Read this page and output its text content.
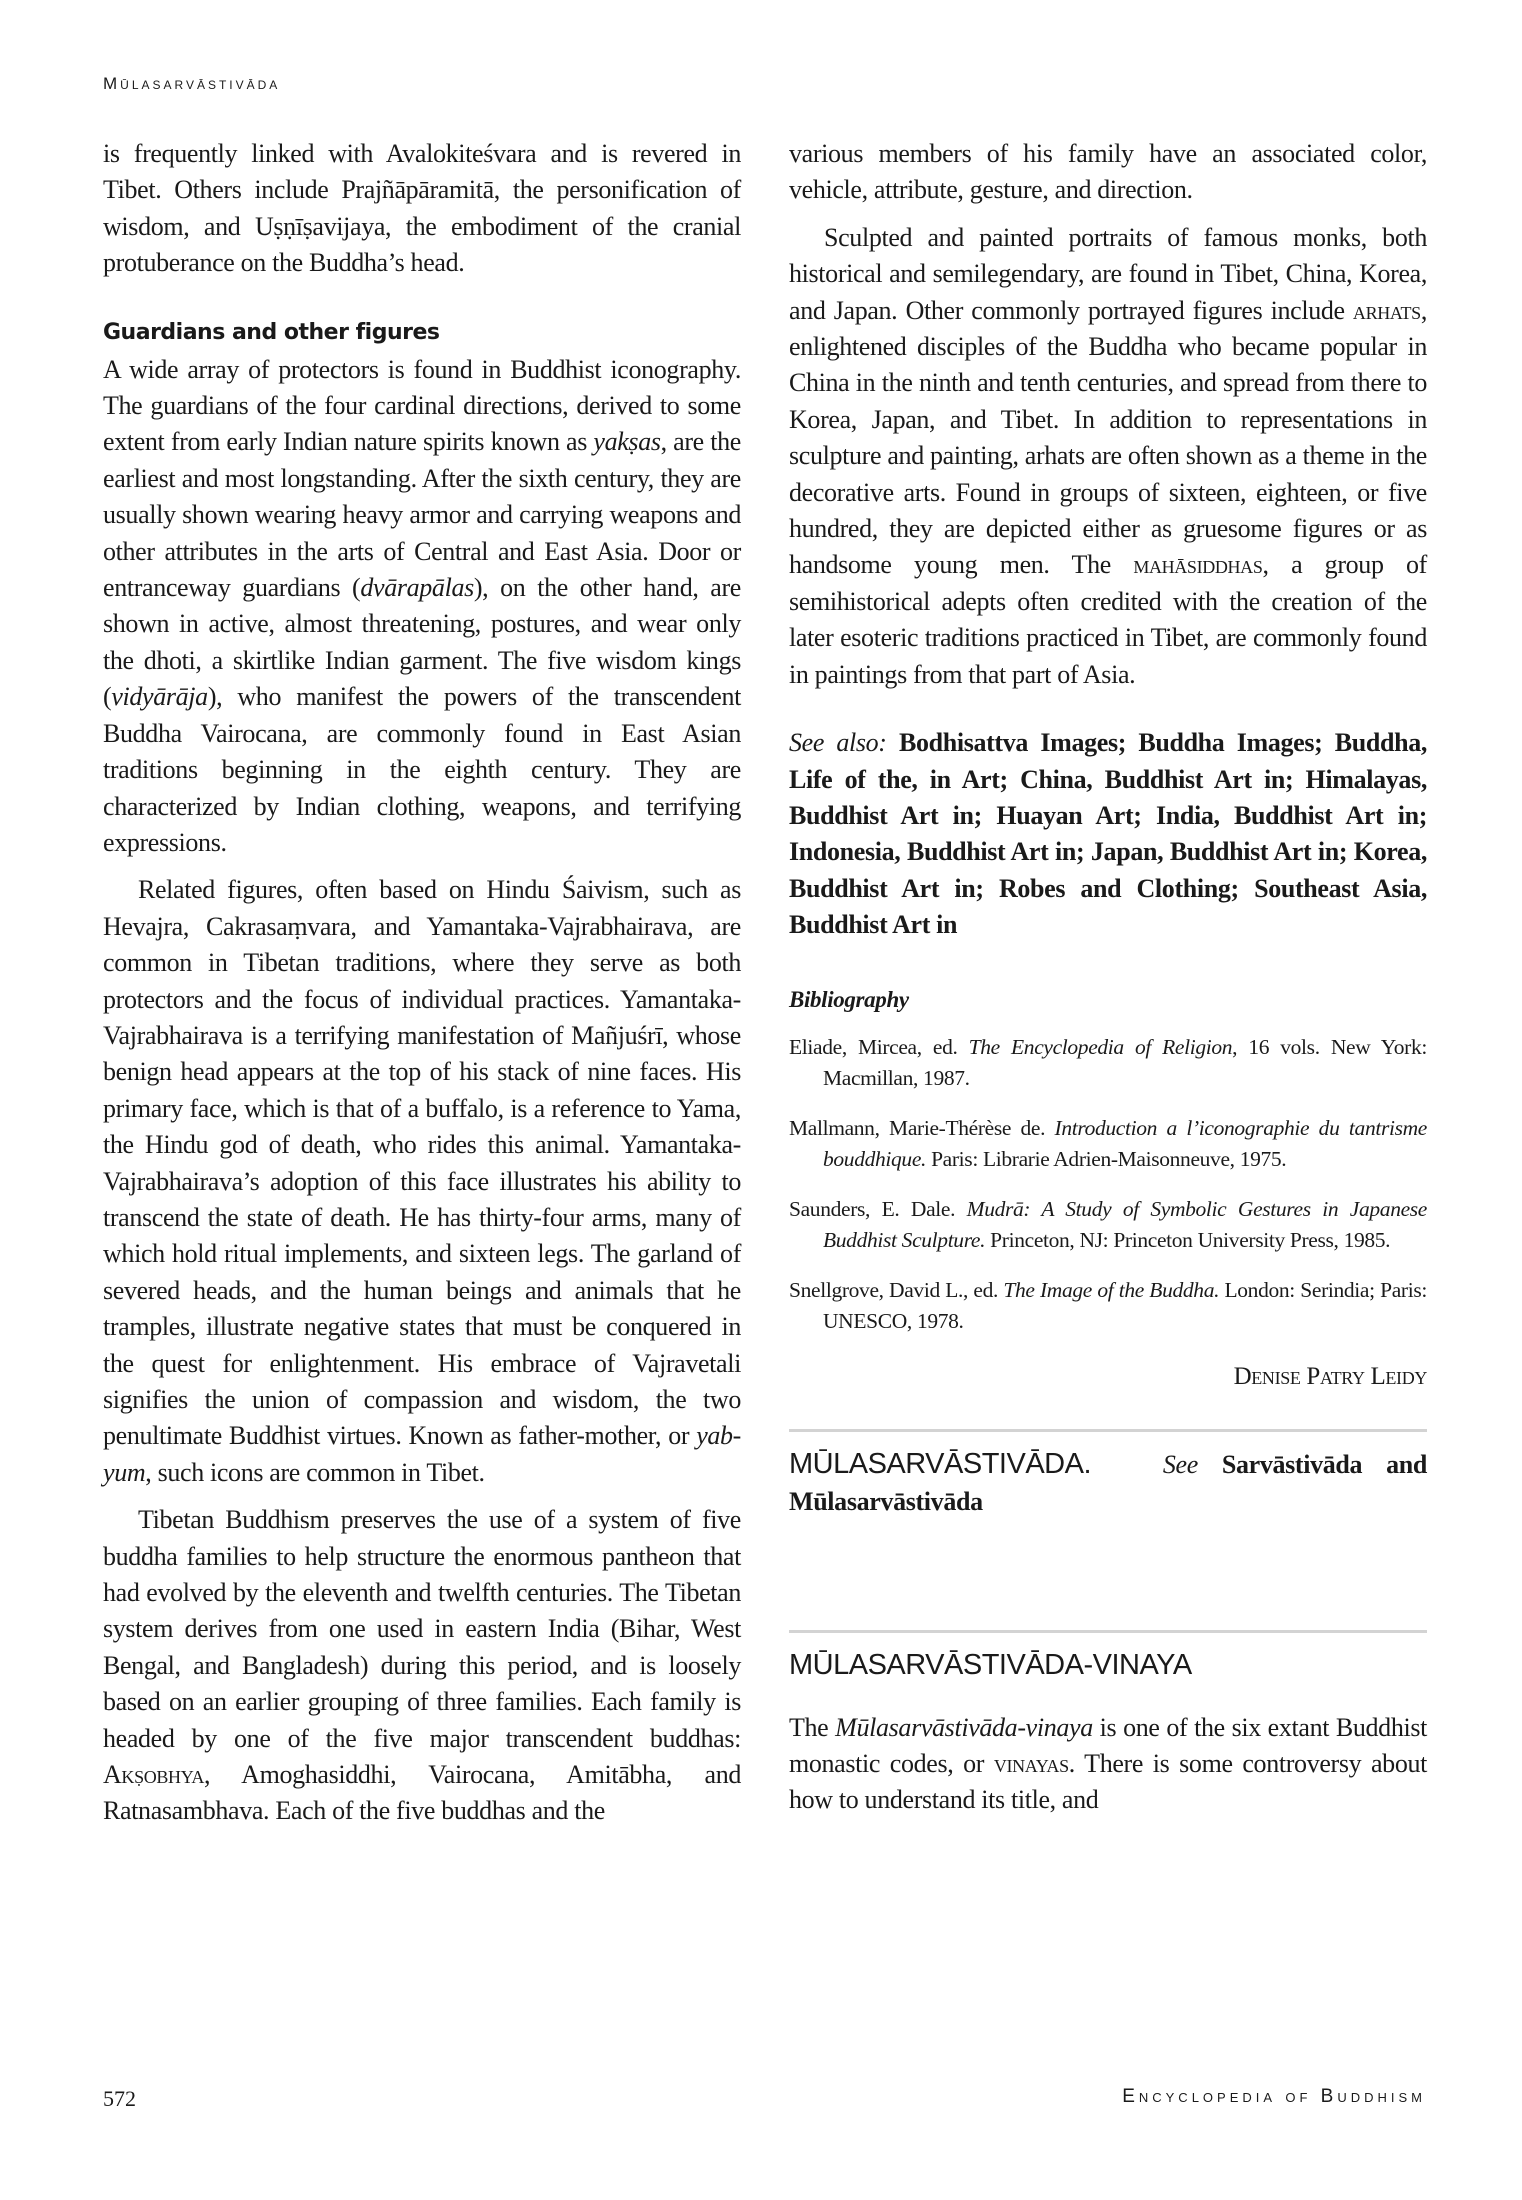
Mūlasarvāstivāda

is frequently linked with Avalokiteśvara and is revered in Tibet. Others include Prajñāpāramitā, the personification of wisdom, and Uṣṇīṣavijaya, the embodiment of the cranial protuberance on the Buddha’s head.

Guardians and other figures

A wide array of protectors is found in Buddhist iconography. The guardians of the four cardinal directions, derived to some extent from early Indian nature spirits known as yakṣas, are the earliest and most longstanding. After the sixth century, they are usually shown wearing heavy armor and carrying weapons and other attributes in the arts of Central and East Asia. Door or entranceway guardians (dvārapālas), on the other hand, are shown in active, almost threatening, postures, and wear only the dhoti, a skirtlike Indian garment. The five wisdom kings (vidyārāja), who manifest the powers of the transcendent Buddha Vairocana, are commonly found in East Asian traditions beginning in the eighth century. They are characterized by Indian clothing, weapons, and terrifying expressions.

Related figures, often based on Hindu Śaivism, such as Hevajra, Cakrasaṃvara, and Yamantaka-Vajrabhairava, are common in Tibetan traditions, where they serve as both protectors and the focus of individual practices. Yamantaka-Vajrabhairava is a terrifying manifestation of Mañjuśrī, whose benign head appears at the top of his stack of nine faces. His primary face, which is that of a buffalo, is a reference to Yama, the Hindu god of death, who rides this animal. Yamantaka-Vajrabhairava’s adoption of this face illustrates his ability to transcend the state of death. He has thirty-four arms, many of which hold ritual implements, and sixteen legs. The garland of severed heads, and the human beings and animals that he tramples, illustrate negative states that must be conquered in the quest for enlightenment. His embrace of Vajravetali signifies the union of compassion and wisdom, the two penultimate Buddhist virtues. Known as father-mother, or yab-yum, such icons are common in Tibet.

Tibetan Buddhism preserves the use of a system of five buddha families to help structure the enormous pantheon that had evolved by the eleventh and twelfth centuries. The Tibetan system derives from one used in eastern India (Bihar, West Bengal, and Bangladesh) during this period, and is loosely based on an earlier grouping of three families. Each family is headed by one of the five major transcendent buddhas: Akṣobhya, Amoghasiddhi, Vairocana, Amitābha, and Ratnasambhava. Each of the five buddhas and the

various members of his family have an associated color, vehicle, attribute, gesture, and direction.

Sculpted and painted portraits of famous monks, both historical and semilegendary, are found in Tibet, China, Korea, and Japan. Other commonly portrayed figures include arhats, enlightened disciples of the Buddha who became popular in China in the ninth and tenth centuries, and spread from there to Korea, Japan, and Tibet. In addition to representations in sculpture and painting, arhats are often shown as a theme in the decorative arts. Found in groups of sixteen, eighteen, or five hundred, they are depicted either as gruesome figures or as handsome young men. The mahāsiddhas, a group of semihistorical adepts often credited with the creation of the later esoteric traditions practiced in Tibet, are commonly found in paintings from that part of Asia.

See also: Bodhisattva Images; Buddha Images; Buddha, Life of the, in Art; China, Buddhist Art in; Himalayas, Buddhist Art in; Huayan Art; India, Buddhist Art in; Indonesia, Buddhist Art in; Japan, Buddhist Art in; Korea, Buddhist Art in; Robes and Clothing; Southeast Asia, Buddhist Art in

Bibliography
Eliade, Mircea, ed. The Encyclopedia of Religion, 16 vols. New York: Macmillan, 1987.
Mallmann, Marie-Thérèse de. Introduction a l’iconographie du tantrisme bouddhique. Paris: Librarie Adrien-Maisonneuve, 1975.
Saunders, E. Dale. Mudrā: A Study of Symbolic Gestures in Japanese Buddhist Sculpture. Princeton, NJ: Princeton University Press, 1985.
Snellgrove, David L., ed. The Image of the Buddha. London: Serindia; Paris: UNESCO, 1978.
Denise Patry Leidy

MŪLASARVĀSTIVĀDA.	See Sarvāstivāda and Mūlasarvāstivāda

MŪLASARVĀSTIVĀDA-VINAYA

The Mūlasarvāstivāda-vinaya is one of the six extant Buddhist monastic codes, or vinayas. There is some controversy about how to understand its title, and

572	Encyclopedia of Buddhism
